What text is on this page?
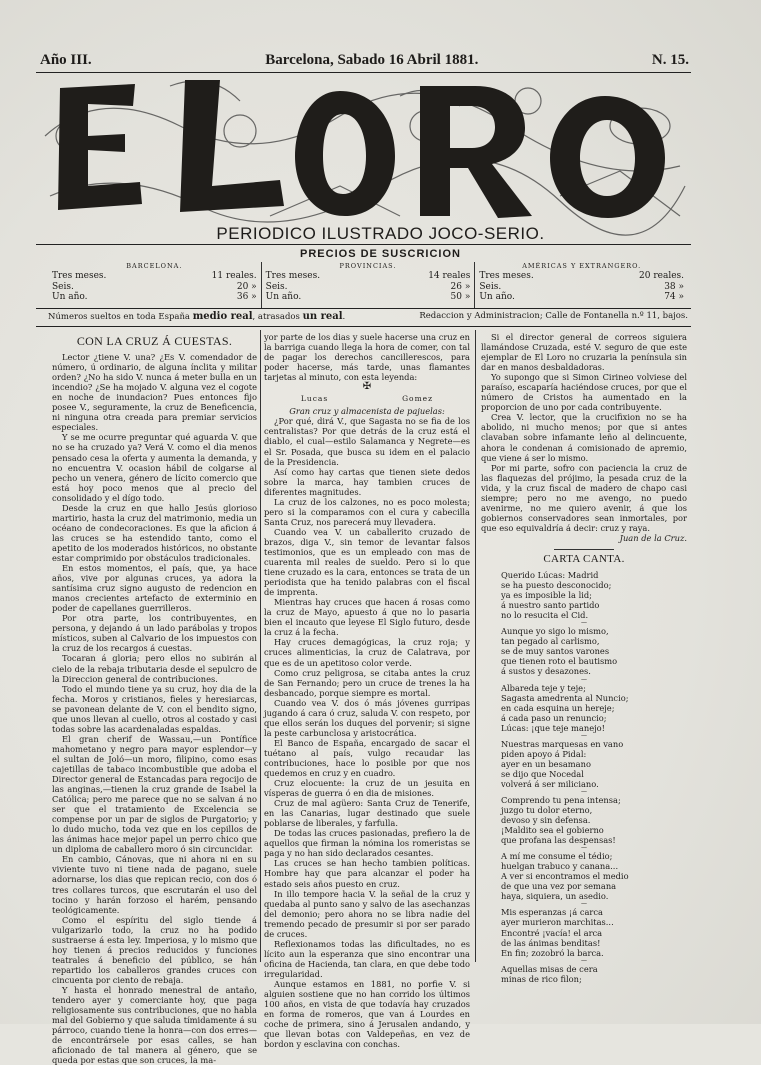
Año III.	Barcelona, Sabado 16 Abril 1881.	N. 15.
PERIODICO ILUSTRADO JOCO-SERIO.
PRECIOS DE SUSCRICION
BARCELONA.
Tres meses.	11 reales.
Seis.	20 »
Un año.	36 »
PROVINCIAS.
Tres meses.	14 reales
Seis.	26 »
Un año.	50 »
AMÉRICAS Y EXTRANGERO.
Tres meses.	20 reales.
Seis.	38 »
Un año.	74 »
Números sueltos en toda España medio real, atrasados un real.	Redaccion y Administracion; Calle de Fontanella n.º 11, bajos.
CON LA CRUZ Á CUESTAS.

Lector ¿tiene V. una? ¿Es V. comendador de número, ú ordinario, de alguna ínclita y militar orden? ¿No ha sido V. nunca á meter bulla en un incendio? ¿Se ha mojado V. alguna vez el cogote en noche de inundacion? Pues entonces fijo posee V., seguramente, la cruz de Beneficencia, ni ninguna otra creada para premiar servicios especiales.

Y se me ocurre preguntar qué aguarda V. que no se ha cruzado ya? Verá V. como el dia menos pensado cesa la oferta y aumenta la demanda, y no encuentra V. ocasion hábil de colgarse al pecho un venera, género de lícito comercio que está hoy poco menos que al precio del consolidado y el dígo todo.

Desde la cruz en que hallo Jesús glorioso martirio, hasta la cruz del matrimonio, media un océano de condecoraciones. Es que la aficion á las cruces se ha estendido tanto, como el apetito de los moderados históricos, no obstante estar comprimido por obstáculos tradicionales.

En estos momentos, el país, que, ya hace años, vive por algunas cruces, ya adora la santísima cruz signo augusto de redencion en manos crecientes artefacto de exterminio en poder de capellanes guerrilleros.

Por otra parte, los contribuyentes, en persona, y dejando á un lado parábolas y tropos místicos, suben al Calvario de los impuestos con la cruz de los recargos á cuestas.

Tocaran á gloria; pero ellos no subirán al cielo de la rebaja tributaria desde el sepulcro de la Direccion general de contribuciones.

Todo el mundo tiene ya su cruz, hoy dia de la fecha. Moros y cristianos, fieles y heresiarcas, se pavonean delante de V. con el bendito signo, que unos llevan al cuello, otros al costado y casi todas sobre las acardenaladas espaldas.

El gran cherif de Wassau,—un Pontífice mahometano y negro para mayor esplendor—y el sultan de Joló—un moro, filipino, como esas cajetillas de tabaco incombustible que adoba el Director general de Estancadas para regocijo de las anginas,—tienen la cruz grande de Isabel la Católica; pero me parece que no se salvan á no ser que el tratamiento de Excelencia se compense por un par de siglos de Purgatorio; y lo dudo mucho, toda vez que en los cepillos de las ánimas hace mejor papel un perro chico que un diploma de caballero moro ó sin circuncidar.

En cambio, Cánovas, que ni ahora ni en su viviente tuvo ni tiene nada de pagano, suele adornarse, los dias que repican recio, con dos ó tres collares turcos, que escrutarán el uso del tocino y harán forzoso el harém, pensando teológicamente.

Como el espíritu del siglo tiende á vulgarizarlo todo, la cruz no ha podido sustraerse á esta ley. Imperiosa, y lo mismo que hoy tienen á precios reducidos y funciones teatrales á beneficio del público, se hán repartido los caballeros grandes cruces con cincuenta por ciento de rebaja.

Y hasta el honrado menestral de antaño, tendero ayer y comerciante hoy, que paga religiosamente sus contribuciones, que no habla mal del Gobierno y que saluda tímidamente á su párroco, cuando tiene la honra—con dos erres—de encontrársele por esas calles, se han aficionado de tal manera al género, que se queda por estas que son cruces, la ma-

yor parte de los dias y suele hacerse una cruz en la barriga cuando llega la hora de comer, con tal de pagar los derechos cancillerescos, para poder hacerse, más tarde, unas flamantes tarjetas al minuto, con esta leyenda:

✠

Lucas	Gomez

Gran cruz y almacenista de pajuelas:

¿Por qué, dirá V., que Sagasta no se fia de los centralistas? Por que detrás de la cruz está el diablo, el cual—estilo Salamanca y Negrete—es el Sr. Posada, que busca su idem en el palacio de la Presidencia.

Así como hay cartas que tienen siete dedos sobre la marca, hay tambien cruces de diferentes magnitudes.

La cruz de los calzones, no es poco molesta; pero si la comparamos con el cura y cabecilla Santa Cruz, nos parecerá muy llevadera.

Cuando vea V. un caballerito cruzado de brazos, diga V., sin temor de levantar falsos testimonios, que es un empleado con mas de cuarenta mil reales de sueldo. Pero si lo que tiene cruzado es la cara, entonces se trata de un periodista que ha tenido palabras con el fiscal de imprenta.

Mientras hay cruces que hacen á rosas como la cruz de Mayo, apuesto á que no lo pasaria bien el incauto que leyese El Siglo futuro, desde la cruz á la fecha.

Hay cruces demagógicas, la cruz roja; y cruces alimenticias, la cruz de Calatrava, por que es de un apetitoso color verde.

Como cruz peligrosa, se citaba antes la cruz de San Fernando; pero un cruce de trenes la ha desbancado, porque siempre es mortal.

Cuando vea V. dos ó más jóvenes gurripas jugando á cara ó cruz, saluda V. con respeto, por que ellos serán los duques del porvenir; si signe la peste carbunclosa y aristocrática.

El Banco de España, encargado de sacar el tuétano al país, vulgo recaudar las contribuciones, hace lo posible por que nos quedemos en cruz y en cuadro.

Cruz elocuente: la cruz de un jesuita en vísperas de guerra ó en dia de misiones.

Cruz de mal agüero: Santa Cruz de Tenerife, en las Canarias, lugar destinado que suele poblarse de liberales, y farfulla.

De todas las cruces pasionadas, prefiero la de aquellos que firman la nómina los romeristas se paga y no han sido declarados cesantes.

Las cruces se han hecho tambien políticas. Hombre hay que para alcanzar el poder ha estado seis años puesto en cruz.

In illo tempore hacia V. la señal de la cruz y quedaba al punto sano y salvo de las asechanzas del demonio; pero ahora no se libra nadie del tremendo pecado de presumir si por ser parado de cruces.

Reflexionamos todas las dificultades, no es lícito aun la esperanza que sino encontrar una oficina de Hacienda, tan clara, en que debe todo irregularidad.

Aunque estamos en 1881, no porfie V. si alguien sostiene que no han corrido los últimos 100 años, en vista de que todavía hay cruzados en forma de romeros, que van á Lourdes en coche de primera, sino á Jerusalen andando, y que llevan botas con Valdepeñas, en vez de bordon y esclavina con conchas.

Si el director general de correos siguiera llamándose Cruzada, esté V. seguro de que este ejemplar de El Loro no cruzaria la península sin dar en manos desbaldadoras.

Yo supongo que si Simon Cirineo volviese del paraíso, escaparía haciéndose cruces, por que el número de Cristos ha aumentado en la proporcion de uno por cada contribuyente.

Crea V. lector, que la crucifixion no se ha abolido, ni mucho menos; por que si antes clavaban sobre infamante leño al delincuente, ahora le condenan á comisionado de apremio, que viene á ser lo mismo.

Por mi parte, sofro con paciencia la cruz de las flaquezas del prójimo, la pesada cruz de la vida, y la cruz fiscal de madero de chapo casi siempre; pero no me avengo, no puedo avenirme, no me quiero avenir, á que los gobiernos conservadores sean inmortales, por que eso equivaldría á decir: cruz y raya.

Juan de la Cruz.

CARTA CANTA.

Querido Lúcas: Madrid

se ha puesto desconocido;

ya es imposible la lid;

á nuestro santo partido

no lo resucita el Cid.

—

Aunque yo sigo lo mismo,

tan pegado al carlismo,

se de muy santos varones

que tienen roto el bautismo

á sustos y desazones.

—

Albareda teje y teje;

Sagasta amedrenta al Nuncio;

en cada esquina un hereje;

á cada paso un renuncio;

Lúcas: ¡que teje manejo!

—

Nuestras marquesas en vano

piden apoyo á Pidal:

ayer en un besamano

se dijo que Nocedal

volverá á ser miliciano.

—

Comprendo tu pena intensa;

juzgo tu dolor eterno,

devoso y sin defensa.

¡Maldito sea el gobierno

que profana las despensas!

—

A mí me consume el tédio;

huelgan trabuco y canana...

A ver si encontramos el medio

de que una vez por semana

haya, siquiera, un asedio.

—

Mis esperanzas ¡á carca

ayer murieron marchitas...

Encontré ¡vacía! el arca

de las ánimas benditas!

En fin; zozobró la barca.

—

Aquellas misas de cera

minas de rico filon;
